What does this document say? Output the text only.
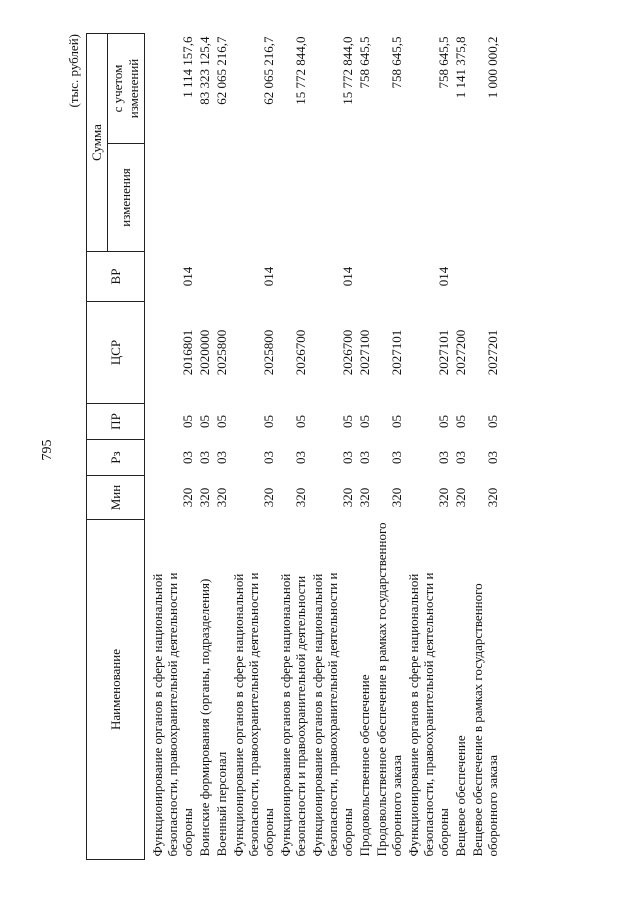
795
(тыс. рублей)
Наименование	Мин	Рз	ПР	ЦСР	ВР	Сумма	
						изменения	с учетом изменений

Функционирование органов в сфере национальной безопасности, правоохранительной деятельности и обороны	320	03	05	2016801	014		1 114 157,6
Воинские формирования (органы, подразделения)	320	03	05	2020000			83 323 125,4
Военный персонал	320	03	05	2025800			62 065 216,7
Функционирование органов в сфере национальной безопасности, правоохранительной деятельности и обороны	320	03	05	2025800	014		62 065 216,7
Функционирование органов в сфере национальной безопасности и правоохранительной деятельности	320	03	05	2026700			15 772 844,0
Функционирование органов в сфере национальной безопасности, правоохранительной деятельности и обороны	320	03	05	2026700	014		15 772 844,0
Продовольственное обеспечение	320	03	05	2027100			758 645,5
Продовольственное обеспечение в рамках государственного оборонного заказа	320	03	05	2027101			758 645,5
Функционирование органов в сфере национальной безопасности, правоохранительной деятельности и обороны	320	03	05	2027101	014		758 645,5
Вещевое обеспечение	320	03	05	2027200			1 141 375,8
Вещевое обеспечение в рамках государственного оборонного заказа	320	03	05	2027201			1 000 000,2
